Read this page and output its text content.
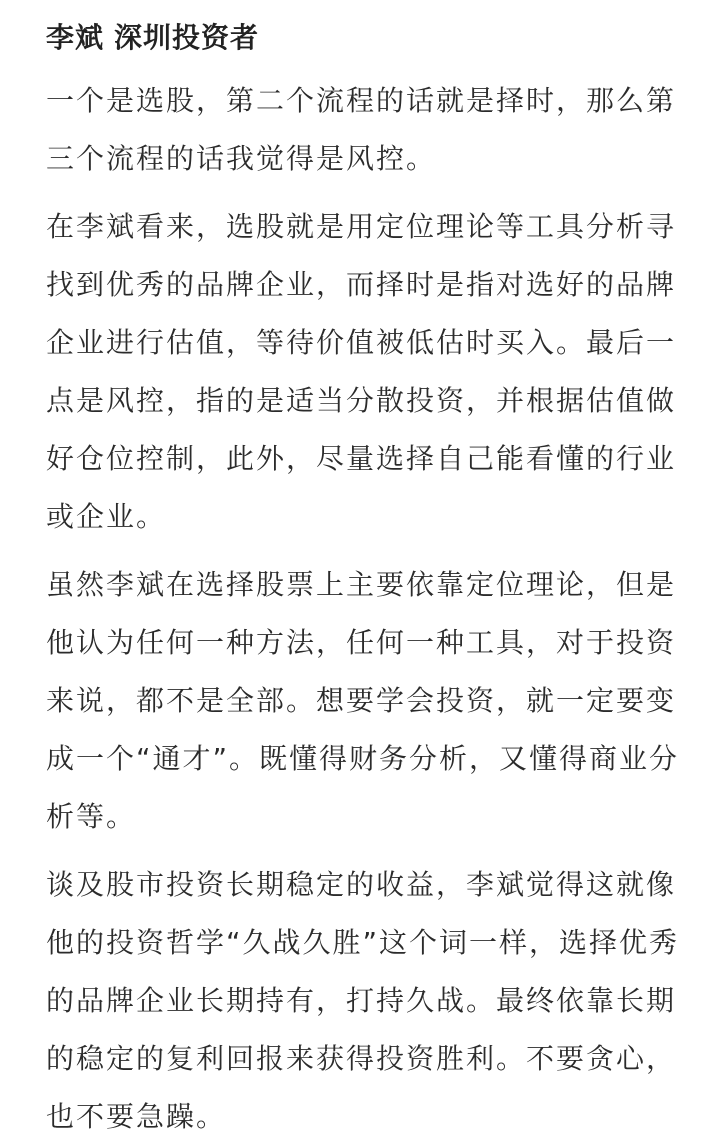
李斌 深圳投资者

一个是选股，第二个流程的话就是择时，那么第三个流程的话我觉得是风控。

在李斌看来，选股就是用定位理论等工具分析寻找到优秀的品牌企业，而择时是指对选好的品牌企业进行估值，等待价值被低估时买入。最后一点是风控，指的是适当分散投资，并根据估值做好仓位控制，此外，尽量选择自己能看懂的行业或企业。

虽然李斌在选择股票上主要依靠定位理论，但是他认为任何一种方法，任何一种工具，对于投资来说，都不是全部。想要学会投资，就一定要变成一个“通才”。既懂得财务分析，又懂得商业分析等。

谈及股市投资长期稳定的收益，李斌觉得这就像他的投资哲学“久战久胜”这个词一样，选择优秀的品牌企业长期持有，打持久战。最终依靠长期的稳定的复利回报来获得投资胜利。不要贪心，也不要急躁。
